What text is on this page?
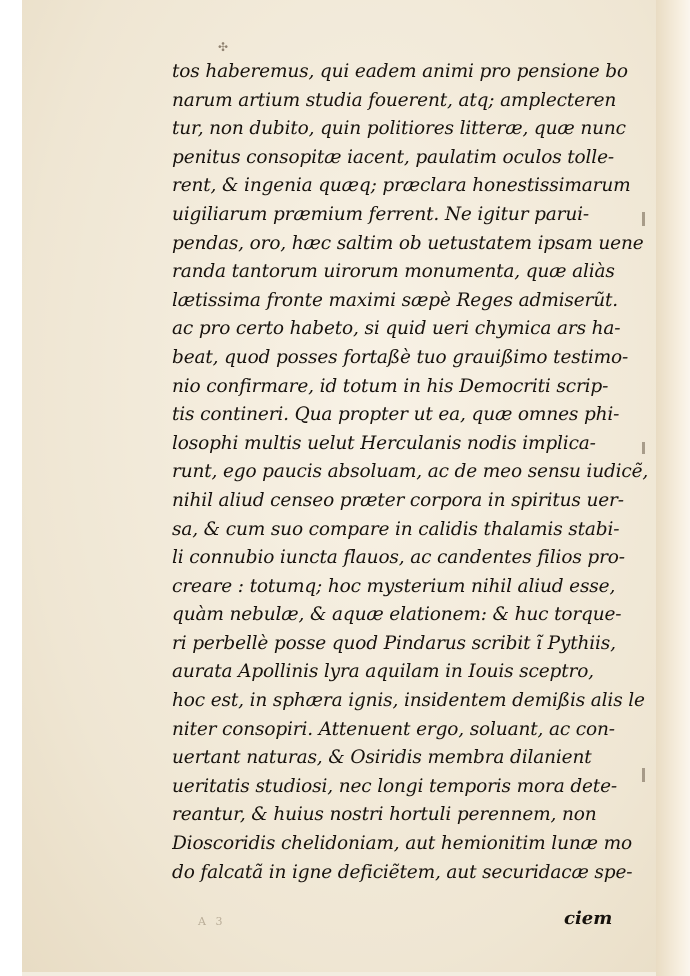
✣
tos haberemus, qui eadem animi pro pensione bo
narum artium studia fouerent, atq; amplecteren
tur, non dubito, quin politiores litteræ, quæ nunc
penitus consopitæ iacent, paulatim oculos tolle-
rent, & ingenia quæq; præclara honestissimarum
uigiliarum præmium ferrent. Ne igitur parui-
pendas, oro, hæc saltim ob uetustatem ipsam uene
randa tantorum uirorum monumenta, quæ aliàs
lætissima fronte maximi sæpè Reges admiserũt.
ac pro certo habeto, si quid ueri chymica ars ha-
beat, quod posses fortaßè tuo grauißimo testimo-
nio confirmare, id totum in his Democriti scrip-
tis contineri. Qua propter ut ea, quæ omnes phi-
losophi multis uelut Herculanis nodis implica-
runt, ego paucis absoluam, ac de meo sensu iudicẽ,
nihil aliud censeo præter corpora in spiritus uer-
sa, & cum suo compare in calidis thalamis stabi-
li connubio iuncta flauos, ac candentes filios pro-
creare : totumq; hoc mysterium nihil aliud esse,
quàm nebulæ, & aquæ elationem: & huc torque-
ri perbellè posse quod Pindarus scribit ĩ Pythiis,
aurata Apollinis lyra aquilam in Iouis sceptro,
hoc est, in sphæra ignis, insidentem demißis alis le
niter consopiri. Attenuent ergo, soluant, ac con-
uertant naturas, & Osiridis membra dilanient
ueritatis studiosi, nec longi temporis mora dete-
reantur, & huius nostri hortuli perennem, non
Dioscoridis chelidoniam, aut hemionitim lunæ mo
do falcatã in igne deficiẽtem, aut securidacæ spe-
A 3	ciem
